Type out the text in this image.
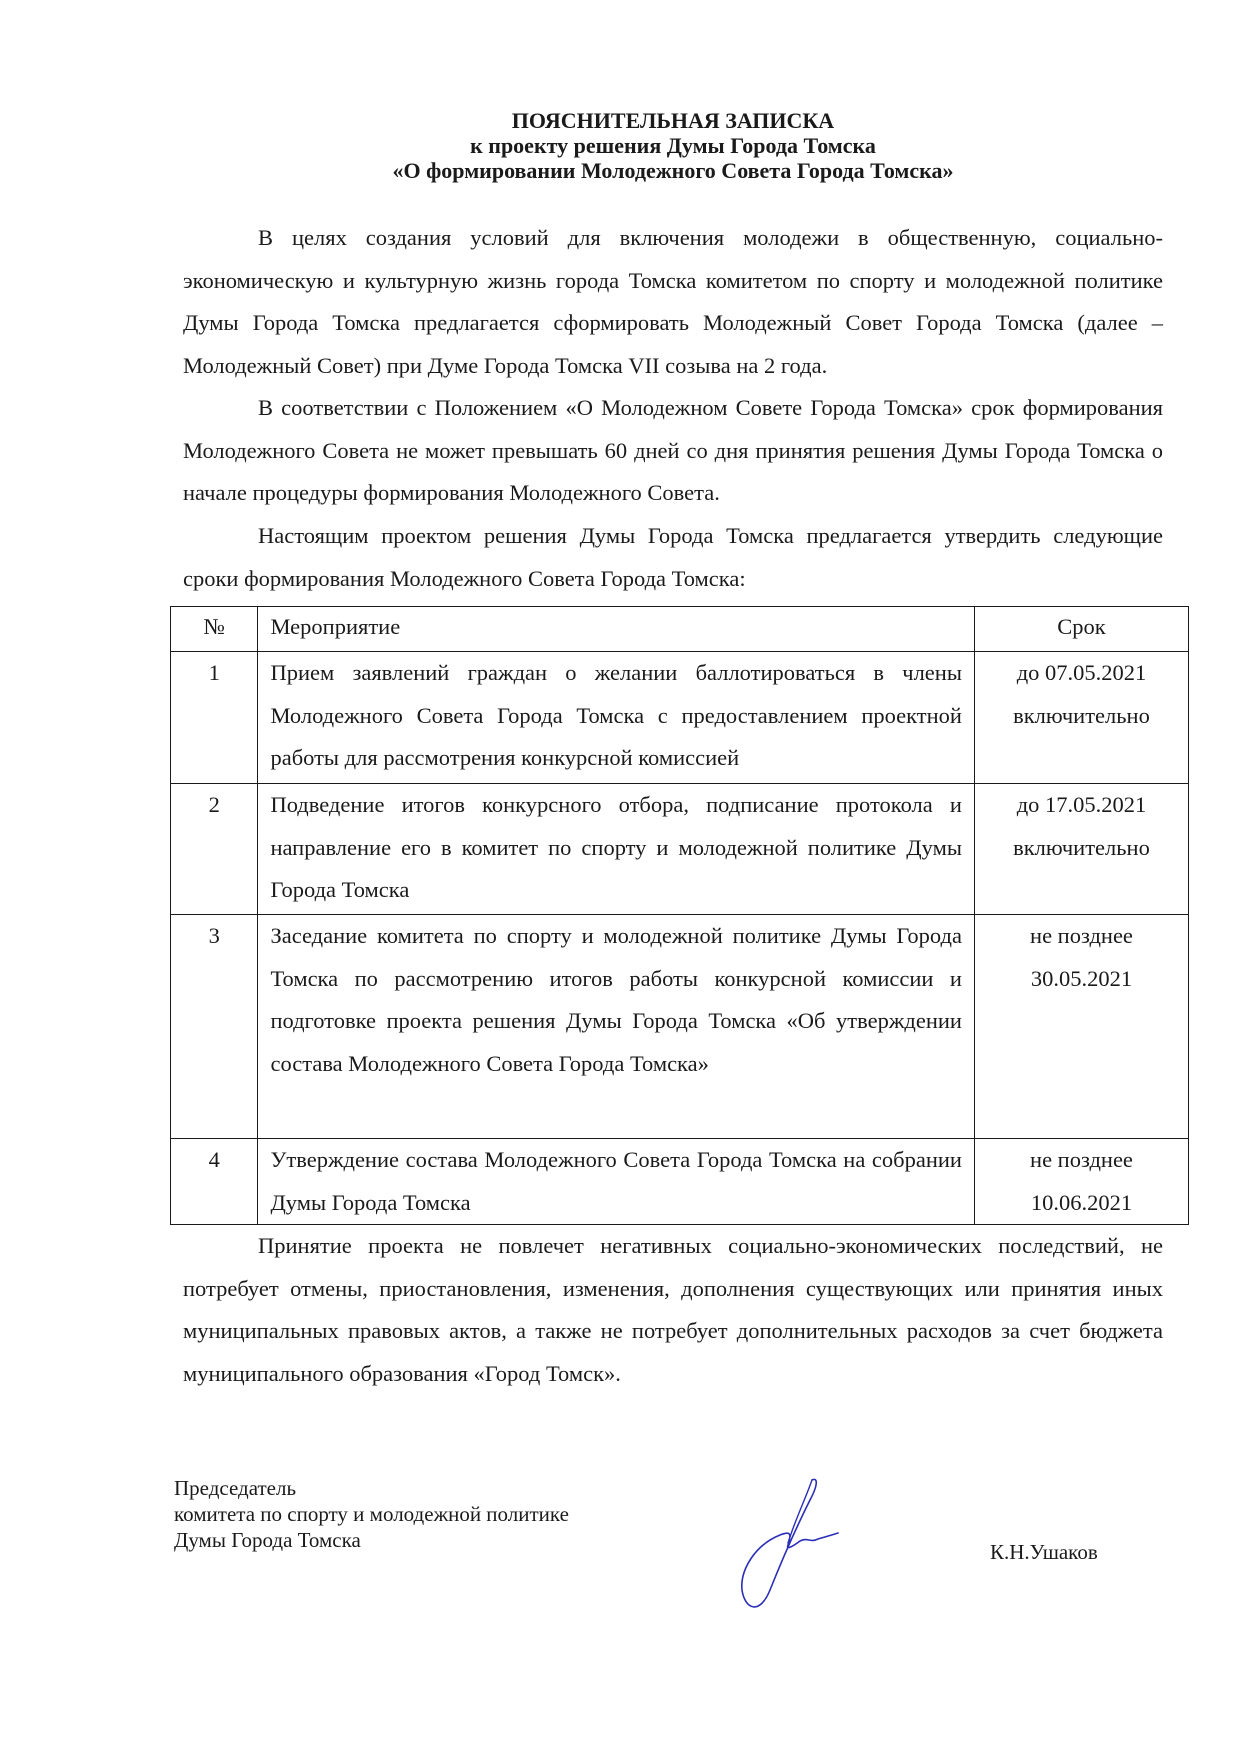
ПОЯСНИТЕЛЬНАЯ ЗАПИСКА
к проекту решения Думы Города Томска
«О формировании Молодежного Совета Города Томска»

В целях создания условий для включения молодежи в общественную, социально-экономическую и культурную жизнь города Томска комитетом по спорту и молодежной политике Думы Города Томска предлагается сформировать Молодежный Совет Города Томска (далее – Молодежный Совет) при Думе Города Томска VII созыва на 2 года.

В соответствии с Положением «О Молодежном Совете Города Томска» срок формирования Молодежного Совета не может превышать 60 дней со дня принятия решения Думы Города Томска о начале процедуры формирования Молодежного Совета.

Настоящим проектом решения Думы Города Томска предлагается утвердить следующие сроки формирования Молодежного Совета Города Томска:

№	Мероприятие	Срок
1	Прием заявлений граждан о желании баллотироваться в члены Молодежного Совета Города Томска с предоставлением проектной работы для рассмотрения конкурсной комиссией	до 07.05.2021
включительно

2	Подведение итогов конкурсного отбора, подписание протокола и направление его в комитет по спорту и молодежной политике Думы Города Томска	до 17.05.2021
включительно

3	Заседание комитета по спорту и молодежной политике Думы Города Томска по рассмотрению итогов работы конкурсной комиссии и подготовке проекта решения Думы Города Томска «Об утверждении состава Молодежного Совета Города Томска»	не позднее
30.05.2021

4	Утверждение состава Молодежного Совета Города Томска на собрании Думы Города Томска	не позднее
10.06.2021

Принятие проекта не повлечет негативных социально-экономических последствий, не потребует отмены, приостановления, изменения, дополнения существующих или принятия иных муниципальных правовых актов, а также не потребует дополнительных расходов за счет бюджета муниципального образования «Город Томск».

Председатель
комитета по спорту и молодежной политике
Думы Города Томска	К.Н.Ушаков
